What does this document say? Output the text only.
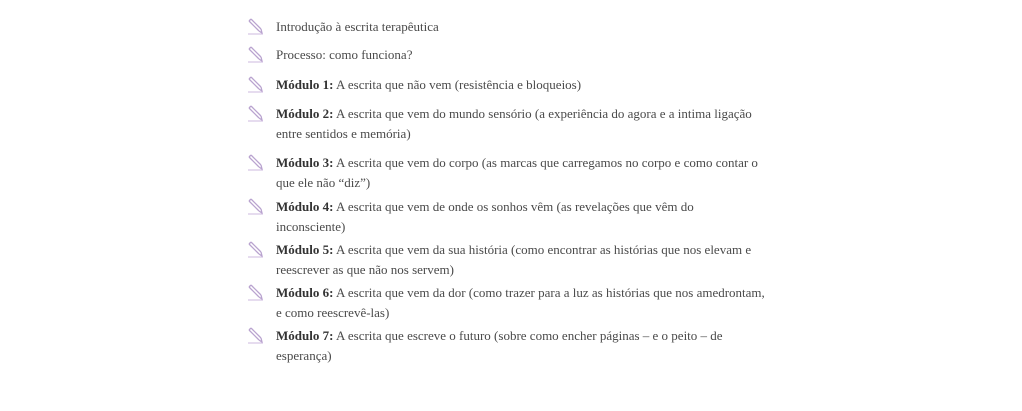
Introdução à escrita terapêutica
Processo: como funciona?
Módulo 1: A escrita que não vem (resistência e bloqueios)
Módulo 2: A escrita que vem do mundo sensório (a experiência do agora e a intima ligação entre sentidos e memória)
Módulo 3: A escrita que vem do corpo (as marcas que carregamos no corpo e como contar o que ele não “diz”)
Módulo 4: A escrita que vem de onde os sonhos vêm (as revelações que vêm do inconsciente)
Módulo 5: A escrita que vem da sua história (como encontrar as histórias que nos elevam e reescrever as que não nos servem)
Módulo 6: A escrita que vem da dor (como trazer para a luz as histórias que nos amedrontam, e como reescrevê-las)
Módulo 7: A escrita que escreve o futuro (sobre como encher páginas – e o peito – de esperança)
